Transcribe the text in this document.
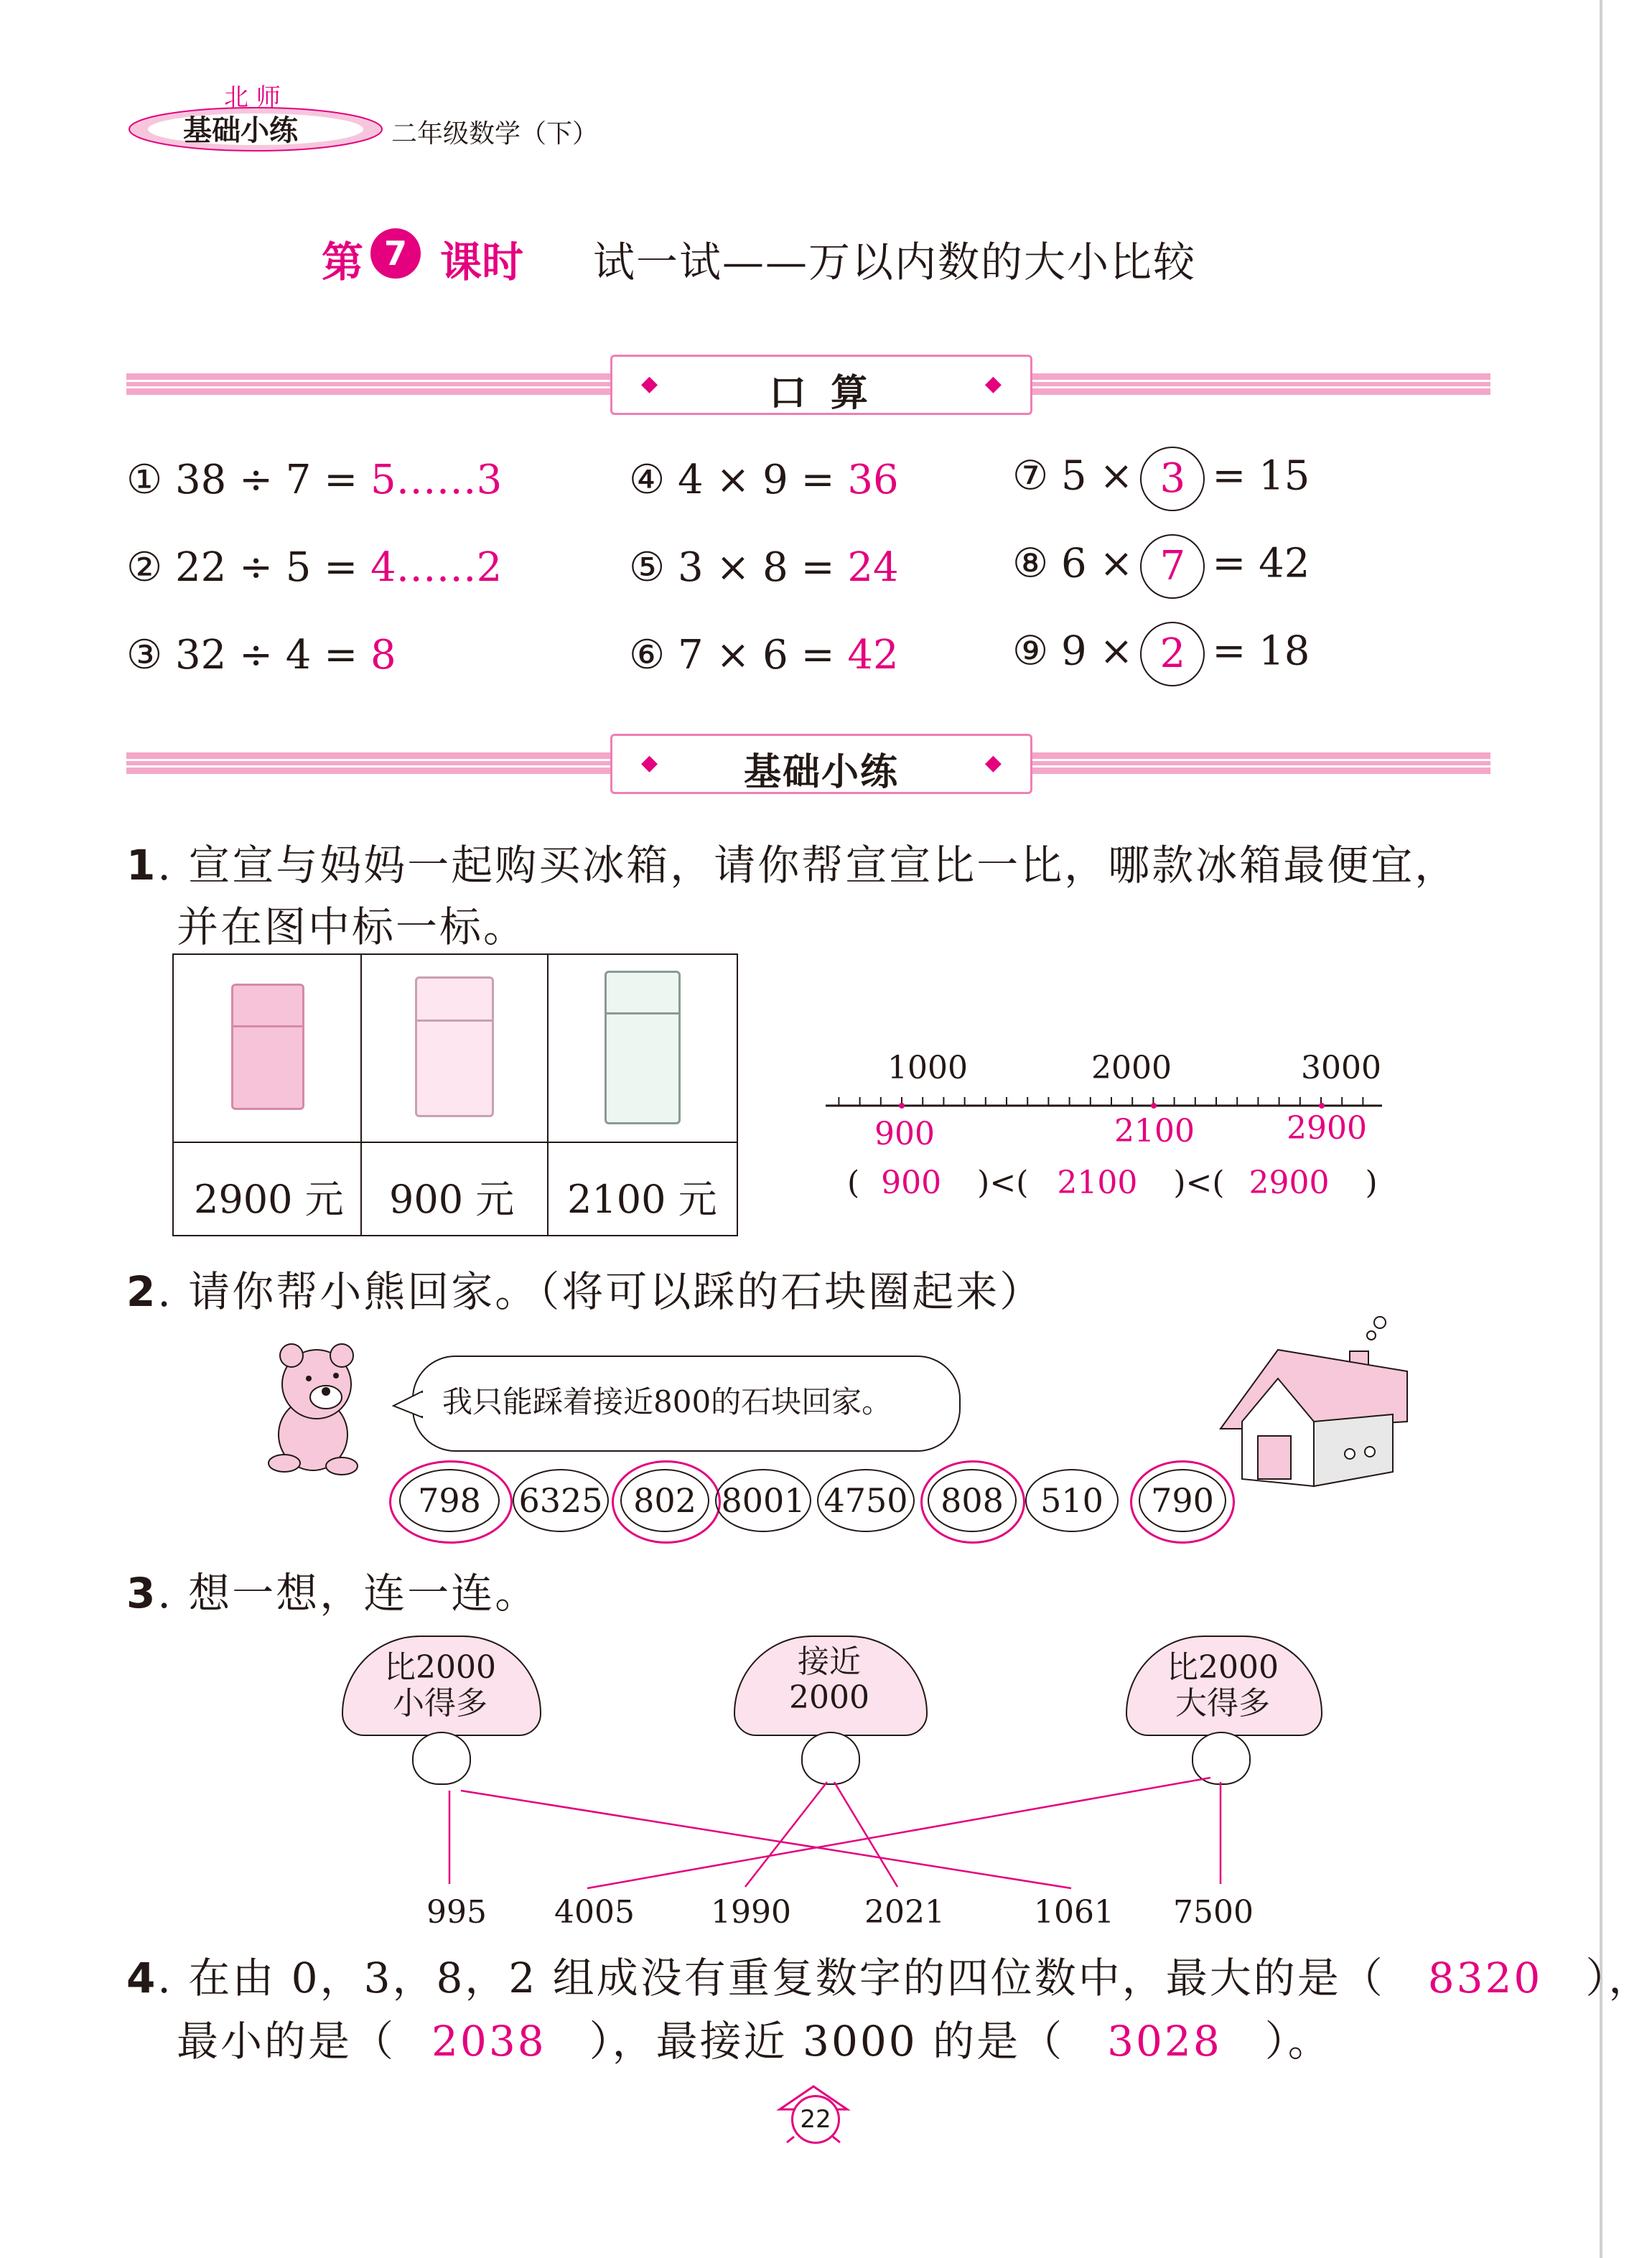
北 师
基础小练	二年级数学（下）
第 7 课时 试一试——万以内数的大小比较
◆	口 算	◆
① 38 ÷ 7 = 5……3
② 22 ÷ 5 = 4……2
③ 32 ÷ 4 = 8
④ 4 × 9 = 36
⑤ 3 × 8 = 24
⑥ 7 × 6 = 42
⑦ 5 × 3 = 15
⑧ 6 × 7 = 42
⑨ 9 × 2 = 18
◆	基础小练	◆
1. 宣宣与妈妈一起购买冰箱，请你帮宣宣比一比，哪款冰箱最便宜，
并在图中标一标。
2900 元 900 元 2100 元
1000	2000	3000
900	2100	2900
( 900 )<( 2100 )<( 2900 )
2. 请你帮小熊回家。（将可以踩的石块圈起来）
我只能踩着接近800的石块回家。
798	6325 802 8001 4750 808	510	790
3. 想一想，连一连。
比2000
小得多
接近
2000
比2000
大得多
995 4005 1990 2021	1061 7500
4. 在由 0，3，8，2 组成没有重复数字的四位数中，最大的是（ 8320 ），
最小的是（ 2038 ），最接近 3000 的是（ 3028 ）。
22
